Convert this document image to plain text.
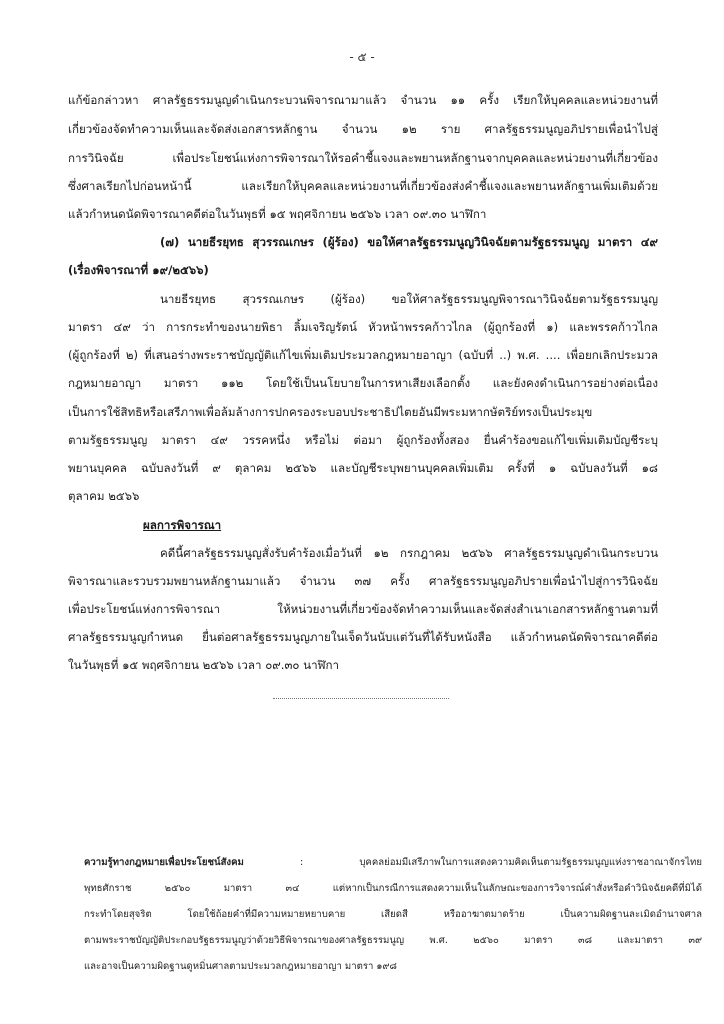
- ๕ -
แก้ข้อกล่าวหา ศาลรัฐธรรมนูญดำเนินกระบวนพิจารณามาแล้ว จำนวน ๑๑ ครั้ง เรียกให้บุคคลและหน่วยงานที่
เกี่ยวข้องจัดทำความเห็นและจัดส่งเอกสารหลักฐาน จำนวน ๑๒ ราย ศาลรัฐธรรมนูญอภิปรายเพื่อนำไปสู่
การวินิจฉัย เพื่อประโยชน์แห่งการพิจารณาให้รอคำชี้แจงและพยานหลักฐานจากบุคคลและหน่วยงานที่เกี่ยวข้อง
ซึ่งศาลเรียกไปก่อนหน้านี้ และเรียกให้บุคคลและหน่วยงานที่เกี่ยวข้องส่งคำชี้แจงและพยานหลักฐานเพิ่มเติมด้วย
แล้วกำหนดนัดพิจารณาคดีต่อในวันพุธที่ ๑๕ พฤศจิกายน ๒๕๖๖ เวลา ๐๙.๓๐ นาฬิกา
(๗) นายธีรยุทธ สุวรรณเกษร (ผู้ร้อง) ขอให้ศาลรัฐธรรมนูญวินิจฉัยตามรัฐธรรมนูญ มาตรา ๔๙
(เรื่องพิจารณาที่ ๑๙/๒๕๖๖)
นายธีรยุทธ สุวรรณเกษร (ผู้ร้อง) ขอให้ศาลรัฐธรรมนูญพิจารณาวินิจฉัยตามรัฐธรรมนูญ
มาตรา ๔๙ ว่า การกระทำของนายพิธา ลิ้มเจริญรัตน์ หัวหน้าพรรคก้าวไกล (ผู้ถูกร้องที่ ๑) และพรรคก้าวไกล
(ผู้ถูกร้องที่ ๒) ที่เสนอร่างพระราชบัญญัติแก้ไขเพิ่มเติมประมวลกฎหมายอาญา (ฉบับที่ ..) พ.ศ. .... เพื่อยกเลิกประมวล
กฎหมายอาญา มาตรา ๑๑๒ โดยใช้เป็นนโยบายในการหาเสียงเลือกตั้ง และยังคงดำเนินการอย่างต่อเนื่อง
เป็นการใช้สิทธิหรือเสรีภาพเพื่อล้มล้างการปกครองระบอบประชาธิปไตยอันมีพระมหากษัตริย์ทรงเป็นประมุข
ตามรัฐธรรมนูญ มาตรา ๔๙ วรรคหนึ่ง หรือไม่ ต่อมา ผู้ถูกร้องทั้งสอง ยื่นคำร้องขอแก้ไขเพิ่มเติมบัญชีระบุ
พยานบุคคล ฉบับลงวันที่ ๙ ตุลาคม ๒๕๖๖ และบัญชีระบุพยานบุคคลเพิ่มเติม ครั้งที่ ๑ ฉบับลงวันที่ ๑๘
ตุลาคม ๒๕๖๖
ผลการพิจารณา
คดีนี้ศาลรัฐธรรมนูญสั่งรับคำร้องเมื่อวันที่ ๑๒ กรกฎาคม ๒๕๖๖ ศาลรัฐธรรมนูญดำเนินกระบวน
พิจารณาและรวบรวมพยานหลักฐานมาแล้ว จำนวน ๓๗ ครั้ง ศาลรัฐธรรมนูญอภิปรายเพื่อนำไปสู่การวินิจฉัย
เพื่อประโยชน์แห่งการพิจารณา ให้หน่วยงานที่เกี่ยวข้องจัดทำความเห็นและจัดส่งสำเนาเอกสารหลักฐานตามที่
ศาลรัฐธรรมนูญกำหนด ยื่นต่อศาลรัฐธรรมนูญภายในเจ็ดวันนับแต่วันที่ได้รับหนังสือ แล้วกำหนดนัดพิจารณาคดีต่อ
ในวันพุธที่ ๑๕ พฤศจิกายน ๒๕๖๖ เวลา ๐๙.๓๐ นาฬิกา
ความรู้ทางกฎหมายเพื่อประโยชน์สังคม	:	บุคคลย่อมมีเสรีภาพในการแสดงความคิดเห็นตามรัฐธรรมนูญแห่งราชอาณาจักรไทย
พุทธศักราช ๒๕๖๐ มาตรา ๓๔ แต่หากเป็นกรณีการแสดงความเห็นในลักษณะของการวิจารณ์คำสั่งหรือคำวินิจฉัยคดีที่มิได้
กระทำโดยสุจริต โดยใช้ถ้อยคำที่มีความหมายหยาบคาย เสียดสี หรืออาฆาตมาดร้าย เป็นความผิดฐานละเมิดอำนาจศาล
ตามพระราชบัญญัติประกอบรัฐธรรมนูญว่าด้วยวิธีพิจารณาของศาลรัฐธรรมนูญ พ.ศ. ๒๕๖๐ มาตรา ๓๘ และมาตรา ๓๙
และอาจเป็นความผิดฐานดูหมิ่นศาลตามประมวลกฎหมายอาญา มาตรา ๑๙๘
